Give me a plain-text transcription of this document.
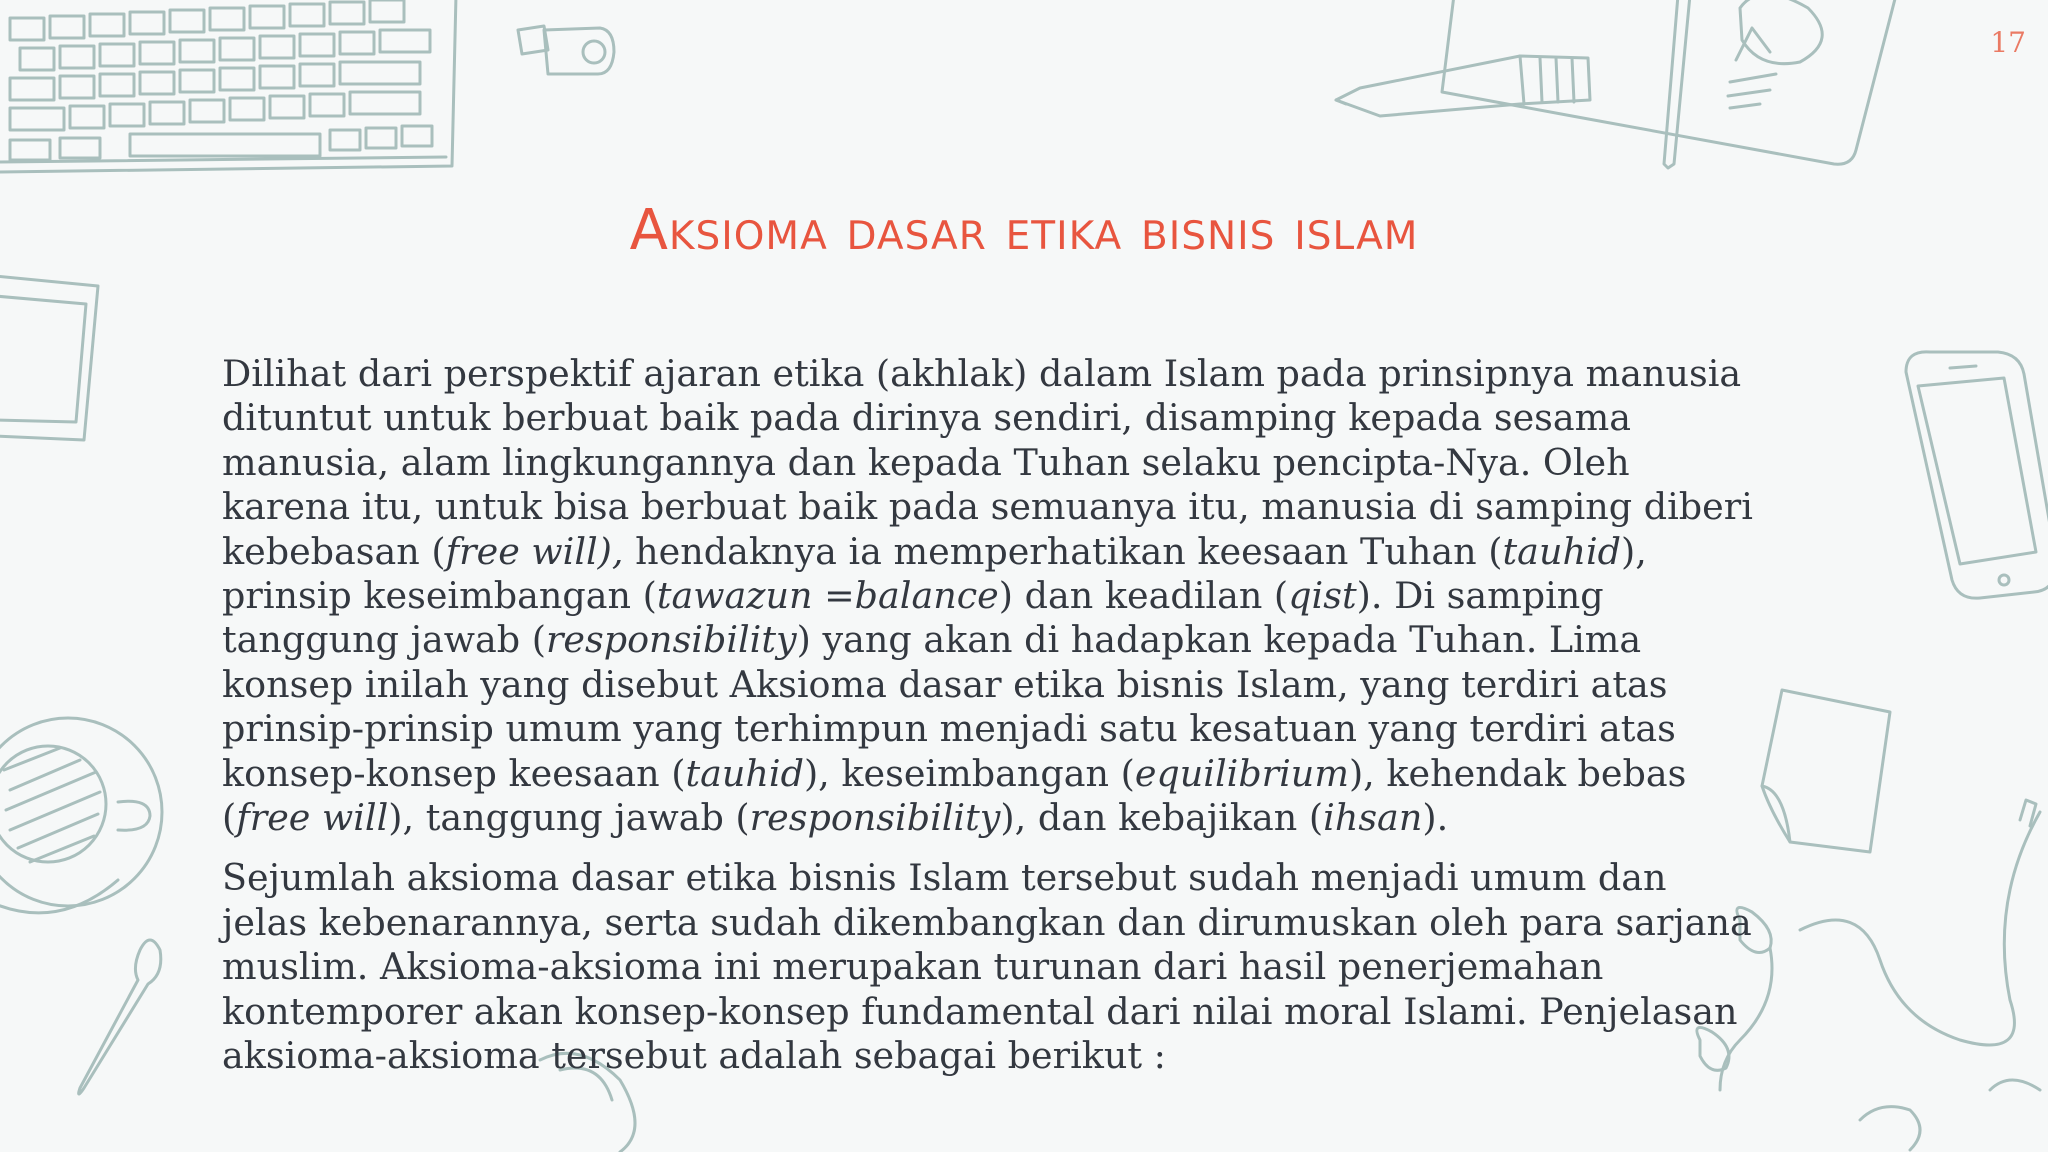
17
Aksioma dasar etika bisnis islam

Dilihat dari perspektif ajaran etika (akhlak) dalam Islam pada prinsipnya manusia dituntut untuk berbuat baik pada dirinya sendiri, disamping kepada sesama manusia, alam lingkungannya dan kepada Tuhan selaku pencipta-Nya. Oleh karena itu, untuk bisa berbuat baik pada semuanya itu, manusia di samping diberi kebebasan (free will), hendaknya ia memperhatikan keesaan Tuhan (tauhid), prinsip keseimbangan (tawazun =balance) dan keadilan (qist). Di samping tanggung jawab (responsibility) yang akan di hadapkan kepada Tuhan. Lima konsep inilah yang disebut Aksioma dasar etika bisnis Islam, yang terdiri atas prinsip-prinsip umum yang terhimpun menjadi satu kesatuan yang terdiri atas konsep-konsep keesaan (tauhid), keseimbangan (equilibrium), kehendak bebas (free will), tanggung jawab (responsibility), dan kebajikan (ihsan).

Sejumlah aksioma dasar etika bisnis Islam tersebut sudah menjadi umum dan jelas kebenarannya, serta sudah dikembangkan dan dirumuskan oleh para sarjana muslim. Aksioma-aksioma ini merupakan turunan dari hasil penerjemahan kontemporer akan konsep-konsep fundamental dari nilai moral Islami. Penjelasan aksioma-aksioma tersebut adalah sebagai berikut :
